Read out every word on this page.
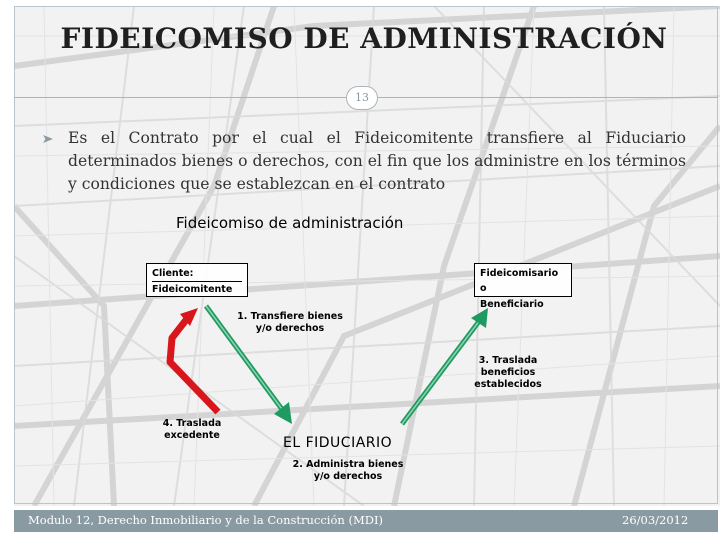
FIDEICOMISO DE ADMINISTRACIÓN
13
Es el Contrato por el cual el Fideicomitente transfiere al Fiduciario determinados bienes o derechos, con el fin que los administre en los términos y condiciones que se establezcan en el contrato
Fideicomiso de administración
Cliente:
Fideicomitente
Fideicomisario o
Beneficiario
1. Transfiere bienes
y/o derechos
3. Traslada
beneficios
establecidos
4. Traslada
excedente	EL FIDUCIARIO
2. Administra bienes
y/o derechos
Modulo 12, Derecho Inmobiliario y de la Construcción (MDI)	26/03/2012
